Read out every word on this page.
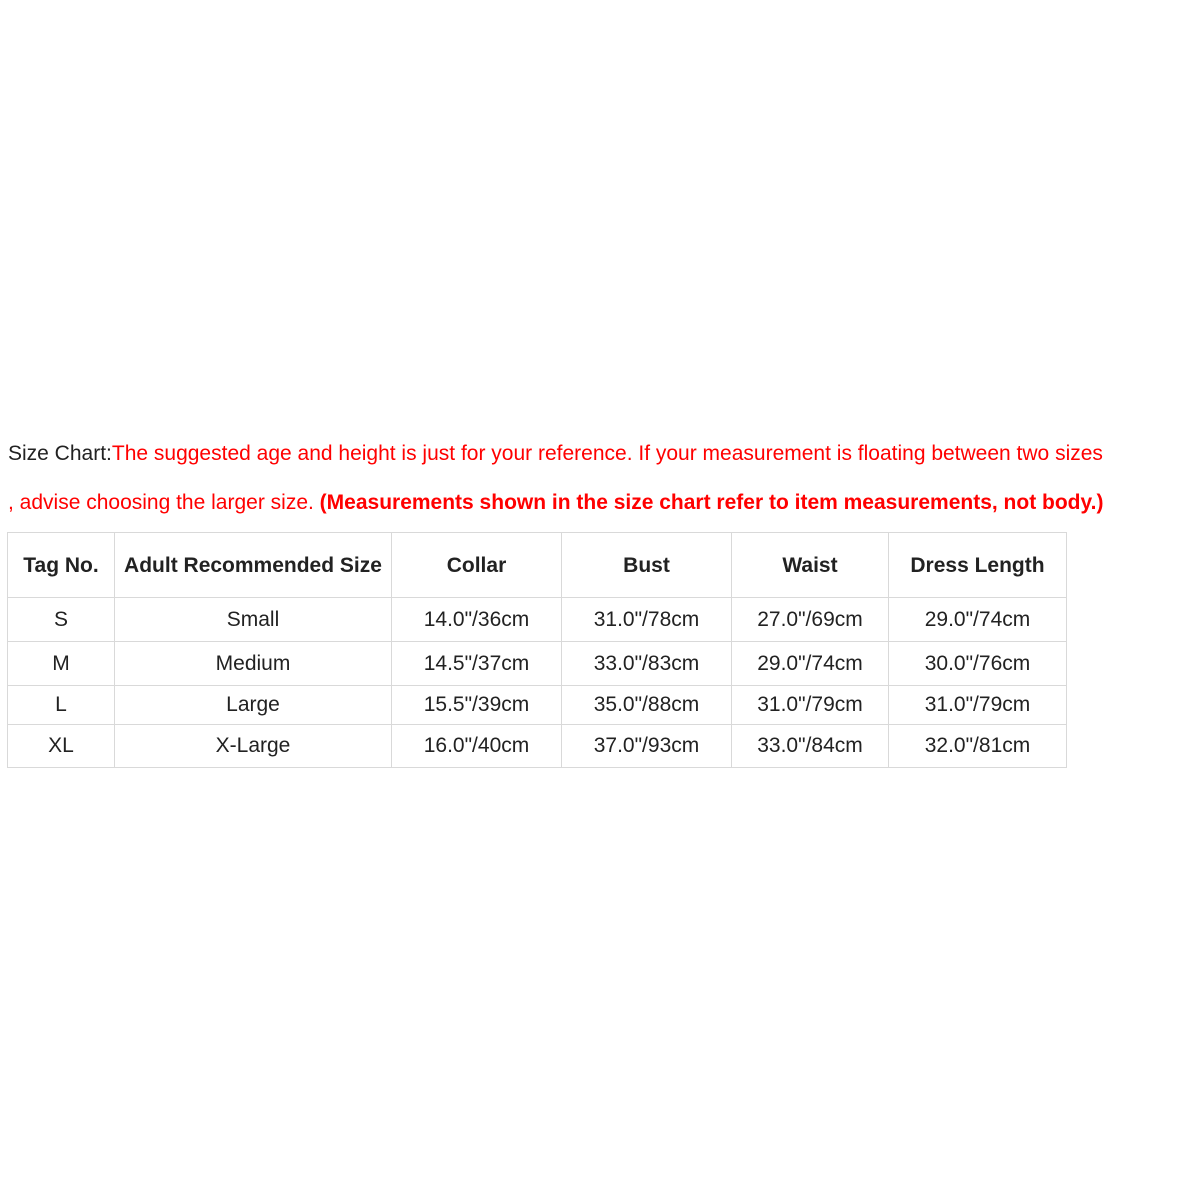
Size Chart:The suggested age and height is just for your reference. If your measurement is floating between two sizes
, advise choosing the larger size. (Measurements shown in the size chart refer to item measurements, not body.)
Tag No.	Adult Recommended Size	Collar	Bust	Waist	Dress Length
S	Small	14.0"/36cm	31.0"/78cm	27.0"/69cm	29.0"/74cm
M	Medium	14.5"/37cm	33.0"/83cm	29.0"/74cm	30.0"/76cm
L	Large	15.5"/39cm	35.0"/88cm	31.0"/79cm	31.0"/79cm
XL	X-Large	16.0"/40cm	37.0"/93cm	33.0"/84cm	32.0"/81cm
